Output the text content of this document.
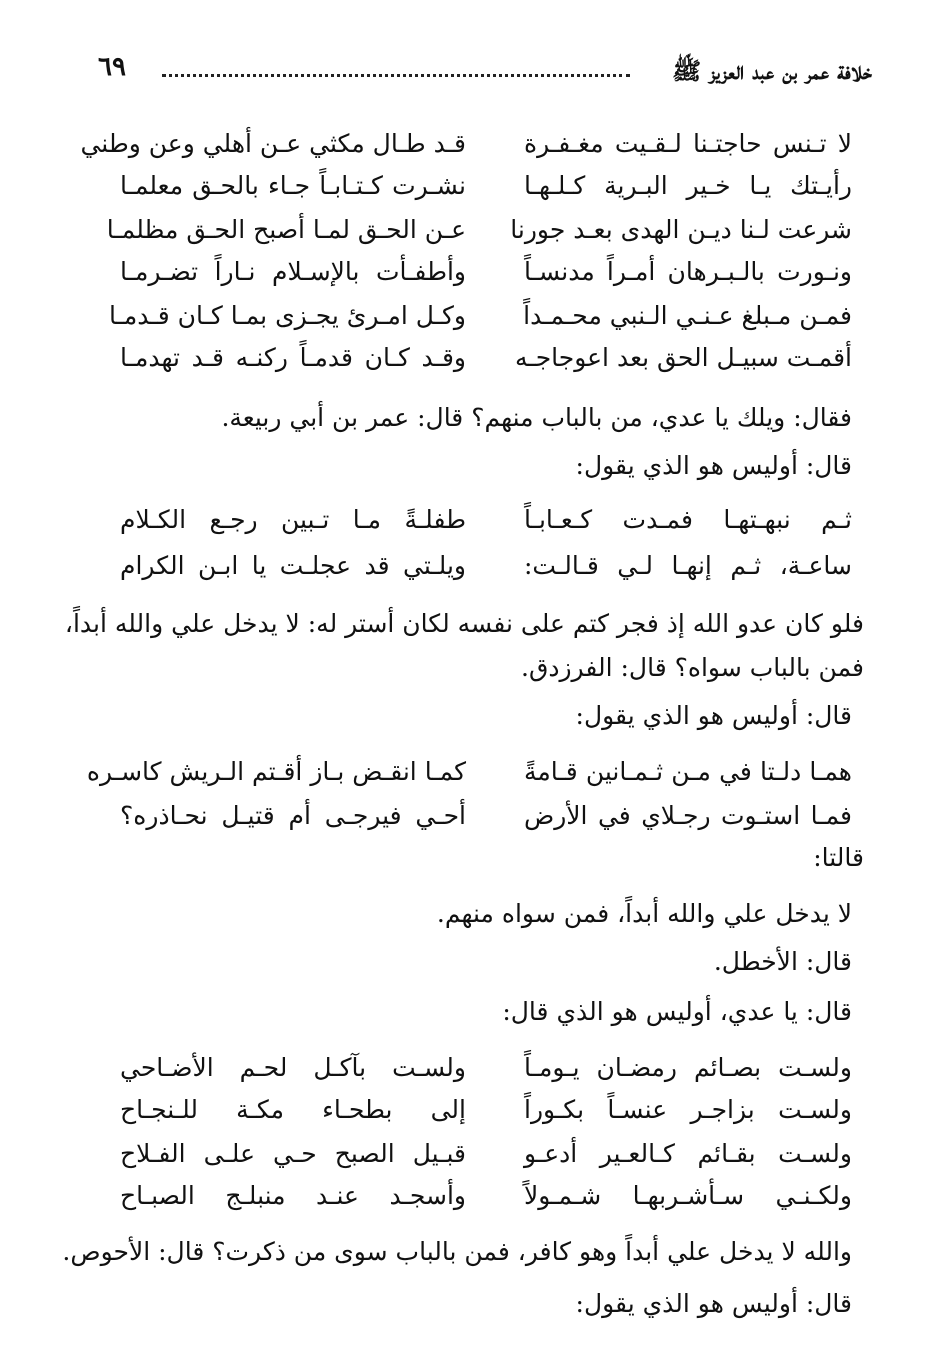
خلافة عمر بن عبد العزيز ﷺ
٦٩
لا تـنس حاجتـنا لـقـيت مغـفـرة
قـد طـال مكثي عـن أهلي وعن وطني
رأيـتك يـا خـير البـرية كـلـهـا
نشـرت كـتـابـاً جـاء بالحـق معلمـا
شرعت لـنا ديـن الهدى بعـد جورنا
عـن الحـق لمـا أصبح الحـق مظلمـا
ونـورت بالـبـرهان أمـراً مدنسـاً
وأطفـأت بالإسـلام نـاراً تضـرمـا
فمـن مـبلغ عـنـي الـنبي محـمـداً
وكـل امـرئ يجـزى بمـا كـان قـدمـا
أقمـت سبيـل الحق بعد اعوجاجـه
وقـد كـان قدمـاً ركنـه قـد تهدمـا
فقال: ويلك يا عدي، من بالباب منهم؟ قال: عمر بن أبي ربيعة.
قال: أوليس هو الذي يقول:
ثـم نبهـتهـا فمـدت كـعـابـاً
طفلـةً مـا تـبين رجـع الكـلام
ساعـة، ثـم إنهـا لـي قـالـت:
ويلـتي قد عجلـت يا ابـن الكرام
فلو كان عدو الله إذ فجر كتم على نفسه لكان أستر له: لا يدخل علي والله أبداً،
فمن بالباب سواه؟ قال: الفرزدق.
قال: أوليس هو الذي يقول:
همـا دلـتا في مـن ثـمـانين قـامةً
كمـا انقـض بـاز أقـتم الـريش كاسـره
فمـا استـوت رجـلاي في الأرض
أحـي فيرجـى أم قتيـل نحـاذره؟
قالتا:
لا يدخل علي والله أبداً، فمن سواه منهم.
قال: الأخطل.
قال: يا عدي، أوليس هو الذي قال:
ولسـت بصـائم رمضـان يـومـاً
ولسـت بآكـل لحـم الأضـاحي
ولسـت بزاجـر عنسـاً بكـوراً
إلى بطحـاء مكـة للـنجـاح
ولسـت بقـائم كـالعـير أدعـو
قبـيل الصبح حـي علـى الفـلاح
ولكـنـي سـأشـربهـا شـمـولاً
وأسجـد عنـد منبلـج الصبـاح
والله لا يدخل علي أبداً وهو كافر، فمن بالباب سوى من ذكرت؟ قال: الأحوص.
قال: أوليس هو الذي يقول:
